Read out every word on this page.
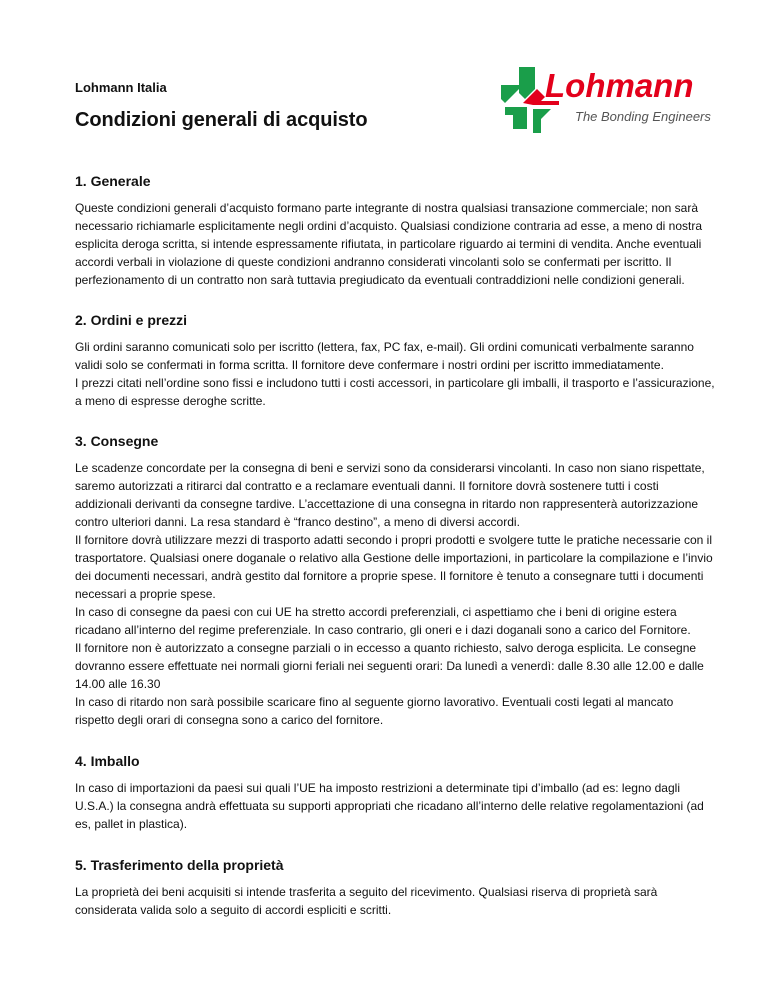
Lohmann Italia
Condizioni generali di acquisto
Lohmann
The Bonding Engineers
1. Generale

Queste condizioni generali d’acquisto formano parte integrante di nostra qualsiasi transazione commerciale; non sarà necessario richiamarle esplicitamente negli ordini d’acquisto. Qualsiasi condizione contraria ad esse, a meno di nostra esplicita deroga scritta, si intende espressamente rifiutata, in particolare riguardo ai termini di vendita. Anche eventuali accordi verbali in violazione di queste condizioni andranno considerati vincolanti solo se confermati per iscritto. Il perfezionamento di un contratto non sarà tuttavia pregiudicato da eventuali contraddizioni nelle condizioni generali.

2. Ordini e prezzi

Gli ordini saranno comunicati solo per iscritto (lettera, fax, PC fax, e-mail). Gli ordini comunicati verbalmente saranno validi solo se confermati in forma scritta. Il fornitore deve confermare i nostri ordini per iscritto immediatamente.

I prezzi citati nell’ordine sono fissi e includono tutti i costi accessori, in particolare gli imballi, il trasporto e l’assicurazione, a meno di espresse deroghe scritte.

3. Consegne

Le scadenze concordate per la consegna di beni e servizi sono da considerarsi vincolanti. In caso non siano rispettate, saremo autorizzati a ritirarci dal contratto e a reclamare eventuali danni. Il fornitore dovrà sostenere tutti i costi addizionali derivanti da consegne tardive. L’accettazione di una consegna in ritardo non rappresenterà autorizzazione contro ulteriori danni. La resa standard è “franco destino”, a meno di diversi accordi.

Il fornitore dovrà utilizzare mezzi di trasporto adatti secondo i propri prodotti e svolgere tutte le pratiche necessarie con il trasportatore. Qualsiasi onere doganale o relativo alla Gestione delle importazioni, in particolare la compilazione e l’invio dei documenti necessari, andrà gestito dal fornitore a proprie spese. Il fornitore è tenuto a consegnare tutti i documenti necessari a proprie spese.

In caso di consegne da paesi con cui UE ha stretto accordi preferenziali, ci aspettiamo che i beni di origine estera ricadano all’interno del regime preferenziale. In caso contrario, gli oneri e i dazi doganali sono a carico del Fornitore.

Il fornitore non è autorizzato a consegne parziali o in eccesso a quanto richiesto, salvo deroga esplicita. Le consegne dovranno essere effettuate nei normali giorni feriali nei seguenti orari: Da lunedì a venerdì: dalle 8.30 alle 12.00 e dalle 14.00 alle 16.30

In caso di ritardo non sarà possibile scaricare fino al seguente giorno lavorativo. Eventuali costi legati al mancato rispetto degli orari di consegna sono a carico del fornitore.

4. Imballo

In caso di importazioni da paesi sui quali l’UE ha imposto restrizioni a determinate tipi d’imballo (ad es: legno dagli U.S.A.) la consegna andrà effettuata su supporti appropriati che ricadano all’interno delle relative regolamentazioni (ad es, pallet in plastica).

5. Trasferimento della proprietà

La proprietà dei beni acquisiti si intende trasferita a seguito del ricevimento. Qualsiasi riserva di proprietà sarà considerata valida solo a seguito di accordi espliciti e scritti.
